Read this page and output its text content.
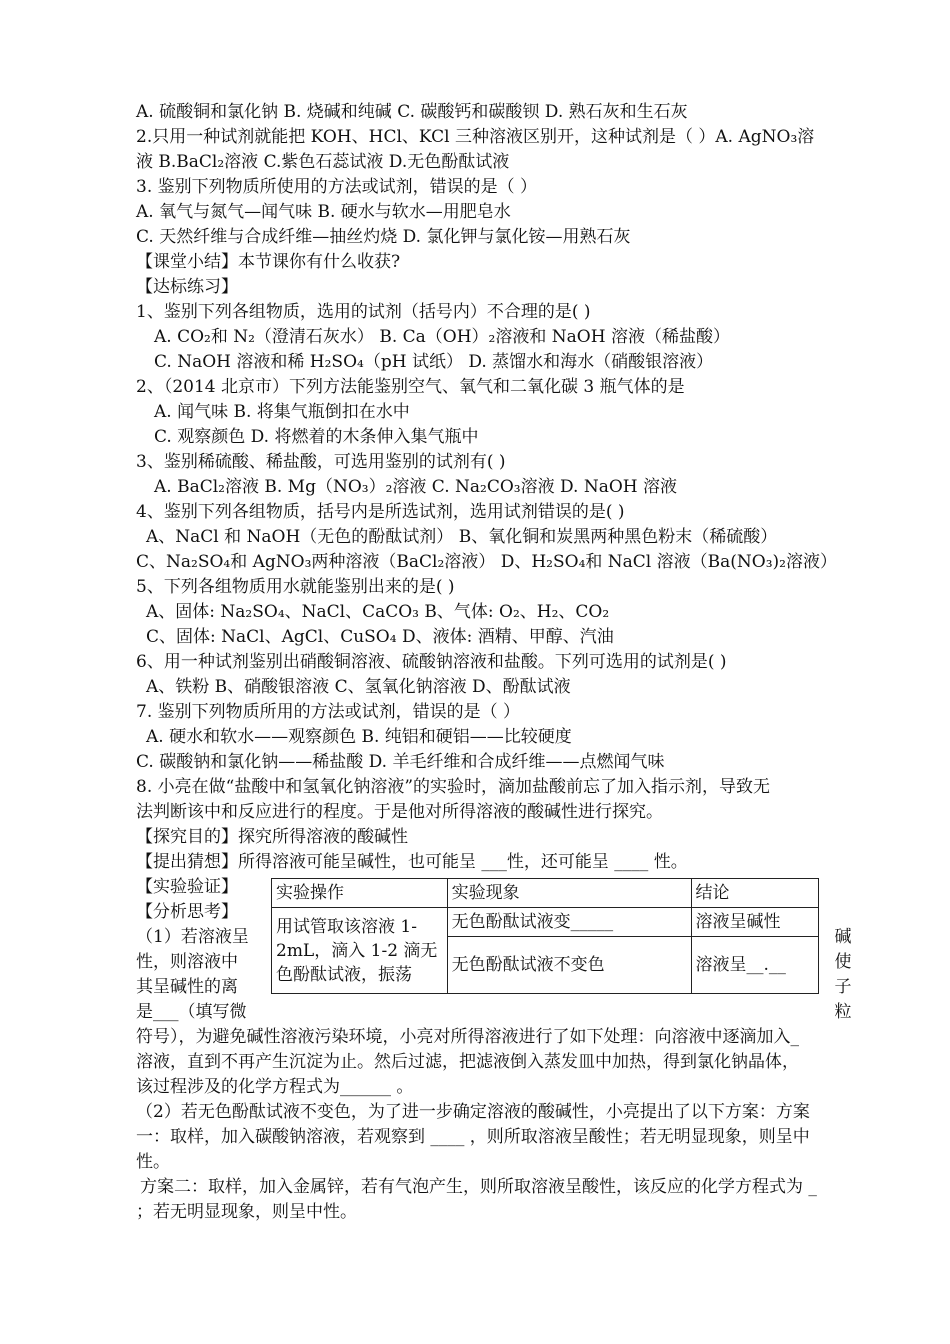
A. 硫酸铜和氯化钠 B. 烧碱和纯碱 C. 碳酸钙和碳酸钡 D. 熟石灰和生石灰
2.只用一种试剂就能把 KOH、HCl、KCl 三种溶液区别开，这种试剂是（ ）A. AgNO₃溶
液 B.BaCl₂溶液 C.紫色石蕊试液 D.无色酚酞试液
3. 鉴别下列物质所使用的方法或试剂，错误的是（ ）
A. 氧气与氮气—闻气味 B. 硬水与软水—用肥皂水
C. 天然纤维与合成纤维—抽丝灼烧 D. 氯化钾与氯化铵—用熟石灰
【课堂小结】本节课你有什么收获?
【达标练习】
1、鉴别下列各组物质，选用的试剂（括号内）不合理的是( )
A. CO₂和 N₂（澄清石灰水） B. Ca（OH）₂溶液和 NaOH 溶液（稀盐酸）
C. NaOH 溶液和稀 H₂SO₄（pH 试纸） D. 蒸馏水和海水（硝酸银溶液）
2、（2014 北京市）下列方法能鉴别空气、氧气和二氧化碳 3 瓶气体的是
A. 闻气味 B. 将集气瓶倒扣在水中
C. 观察颜色 D. 将燃着的木条伸入集气瓶中
3、鉴别稀硫酸、稀盐酸，可选用鉴别的试剂有( )
A. BaCl₂溶液 B. Mg（NO₃）₂溶液 C. Na₂CO₃溶液 D. NaOH 溶液
4、鉴别下列各组物质，括号内是所选试剂，选用试剂错误的是( )
A、NaCl 和 NaOH（无色的酚酞试剂） B、氧化铜和炭黑两种黑色粉末（稀硫酸）
C、Na₂SO₄和 AgNO₃两种溶液（BaCl₂溶液） D、H₂SO₄和 NaCl 溶液（Ba(NO₃)₂溶液）
5、下列各组物质用水就能鉴别出来的是( )
A、固体: Na₂SO₄、NaCl、CaCO₃ B、气体: O₂、H₂、CO₂
C、固体: NaCl、AgCl、CuSO₄ D、液体: 酒精、甲醇、汽油
6、用一种试剂鉴别出硝酸铜溶液、硫酸钠溶液和盐酸。下列可选用的试剂是( )
A、铁粉 B、硝酸银溶液 C、氢氧化钠溶液 D、酚酞试液
7. 鉴别下列物质所用的方法或试剂，错误的是（ ）
A. 硬水和软水——观察颜色 B. 纯铝和硬铝——比较硬度
C. 碳酸钠和氯化钠——稀盐酸 D. 羊毛纤维和合成纤维——点燃闻气味
8. 小亮在做“盐酸中和氢氧化钠溶液”的实验时，滴加盐酸前忘了加入指示剂，导致无
法判断该中和反应进行的程度。于是他对所得溶液的酸碱性进行探究。
【探究目的】探究所得溶液的酸碱性
【提出猜想】所得溶液可能呈碱性，也可能呈 ___性，还可能呈 ____ 性。
【实验验证】
【分析思考】
（1）若溶液呈
性，则溶液中
其呈碱性的离
是___（填写微
符号），为避免碱性溶液污染环境，小亮对所得溶液进行了如下处理：向溶液中逐滴加入_
溶液，直到不再产生沉淀为止。然后过滤，把滤液倒入蒸发皿中加热，得到氯化钠晶体，
该过程涉及的化学方程式为______ 。
（2）若无色酚酞试液不变色，为了进一步确定溶液的酸碱性，小亮提出了以下方案：方案
一：取样，加入碳酸钠溶液，若观察到 ____ ，则所取溶液呈酸性；若无明显现象，则呈中
性。
方案二：取样，加入金属锌，若有气泡产生，则所取溶液呈酸性，该反应的化学方程式为 _
；若无明显现象，则呈中性。
实验操作	实验现象	结论
用试管取该溶液 1-2mL，滴入 1-2 滴无色酚酞试液，振荡	无色酚酞试液变_____	溶液呈碱性
	无色酚酞试液不变色	溶液呈__.__
碱
使
子
粒
